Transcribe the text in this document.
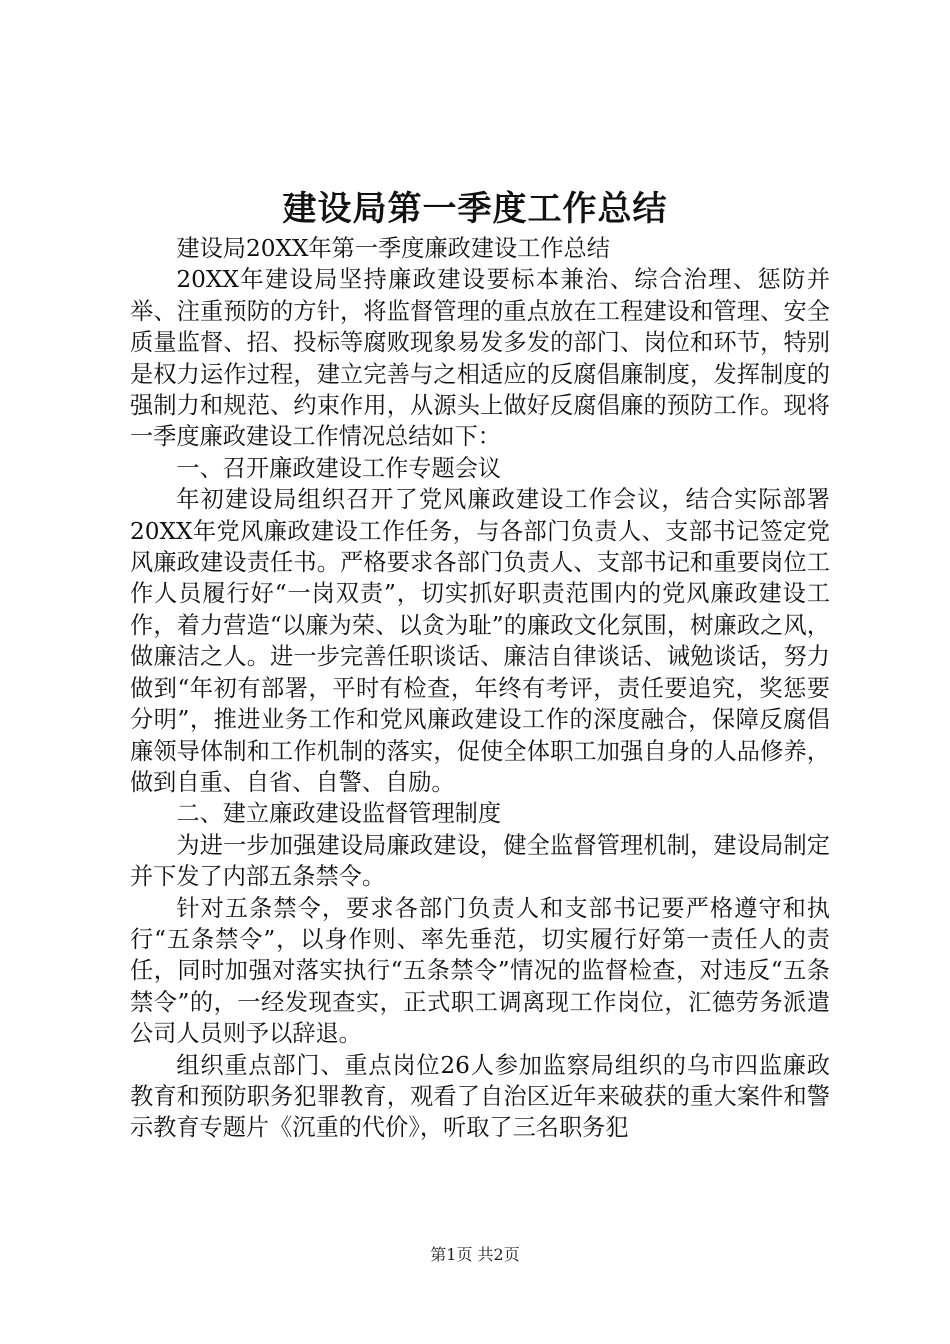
建设局第一季度工作总结

建设局20XX年第一季度廉政建设工作总结

20XX年建设局坚持廉政建设要标本兼治、综合治理、惩防并举、注重预防的方针，将监督管理的重点放在工程建设和管理、安全质量监督、招、投标等腐败现象易发多发的部门、岗位和环节，特别是权力运作过程，建立完善与之相适应的反腐倡廉制度，发挥制度的强制力和规范、约束作用，从源头上做好反腐倡廉的预防工作。现将一季度廉政建设工作情况总结如下：

一、召开廉政建设工作专题会议

年初建设局组织召开了党风廉政建设工作会议，结合实际部署20XX年党风廉政建设工作任务，与各部门负责人、支部书记签定党风廉政建设责任书。严格要求各部门负责人、支部书记和重要岗位工作人员履行好“一岗双责”，切实抓好职责范围内的党风廉政建设工作，着力营造“以廉为荣、以贪为耻”的廉政文化氛围，树廉政之风，做廉洁之人。进一步完善任职谈话、廉洁自律谈话、诫勉谈话，努力做到“年初有部署，平时有检查，年终有考评，责任要追究，奖惩要分明”，推进业务工作和党风廉政建设工作的深度融合，保障反腐倡廉领导体制和工作机制的落实，促使全体职工加强自身的人品修养，做到自重、自省、自警、自励。

二、建立廉政建设监督管理制度

为进一步加强建设局廉政建设，健全监督管理机制，建设局制定并下发了内部五条禁令。

针对五条禁令，要求各部门负责人和支部书记要严格遵守和执行“五条禁令”，以身作则、率先垂范，切实履行好第一责任人的责任，同时加强对落实执行“五条禁令”情况的监督检查，对违反“五条禁令”的，一经发现查实，正式职工调离现工作岗位，汇德劳务派遣公司人员则予以辞退。

组织重点部门、重点岗位26人参加监察局组织的乌市四监廉政教育和预防职务犯罪教育，观看了自治区近年来破获的重大案件和警示教育专题片《沉重的代价》，听取了三名职务犯

第1页 共2页
